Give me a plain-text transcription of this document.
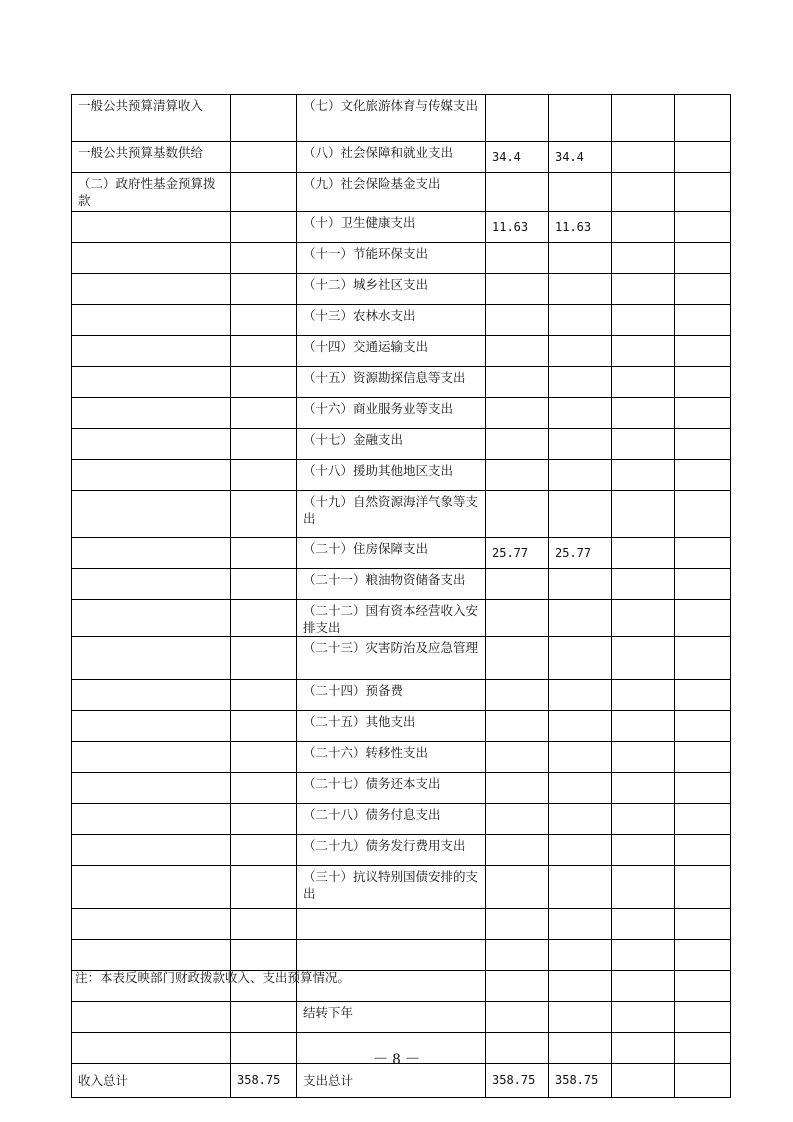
一般公共预算清算收入		（七）文化旅游体育与传媒支出				
一般公共预算基数供给		（八）社会保障和就业支出	34.4	34.4		
（二）政府性基金预算拨款		（九）社会保险基金支出				
		（十）卫生健康支出	11.63	11.63		
		（十一）节能环保支出				
		（十二）城乡社区支出				
		（十三）农林水支出				
		（十四）交通运输支出				
		（十五）资源勘探信息等支出				
		（十六）商业服务业等支出				
		（十七）金融支出				
		（十八）援助其他地区支出				
		（十九）自然资源海洋气象等支出				
		（二十）住房保障支出	25.77	25.77		
		（二十一）粮油物资储备支出				
		（二十二）国有资本经营收入安排支出				
		（二十三）灾害防治及应急管理				
		（二十四）预备费				
		（二十五）其他支出				
		（二十六）转移性支出				
		（二十七）债务还本支出				
		（二十八）债务付息支出				
		（二十九）债务发行费用支出				
		（三十）抗议特别国债安排的支出				

		结转下年				

收入总计	358.75	支出总计	358.75	358.75		
注：本表反映部门财政拨款收入、支出预算情况。
－ 8 －
